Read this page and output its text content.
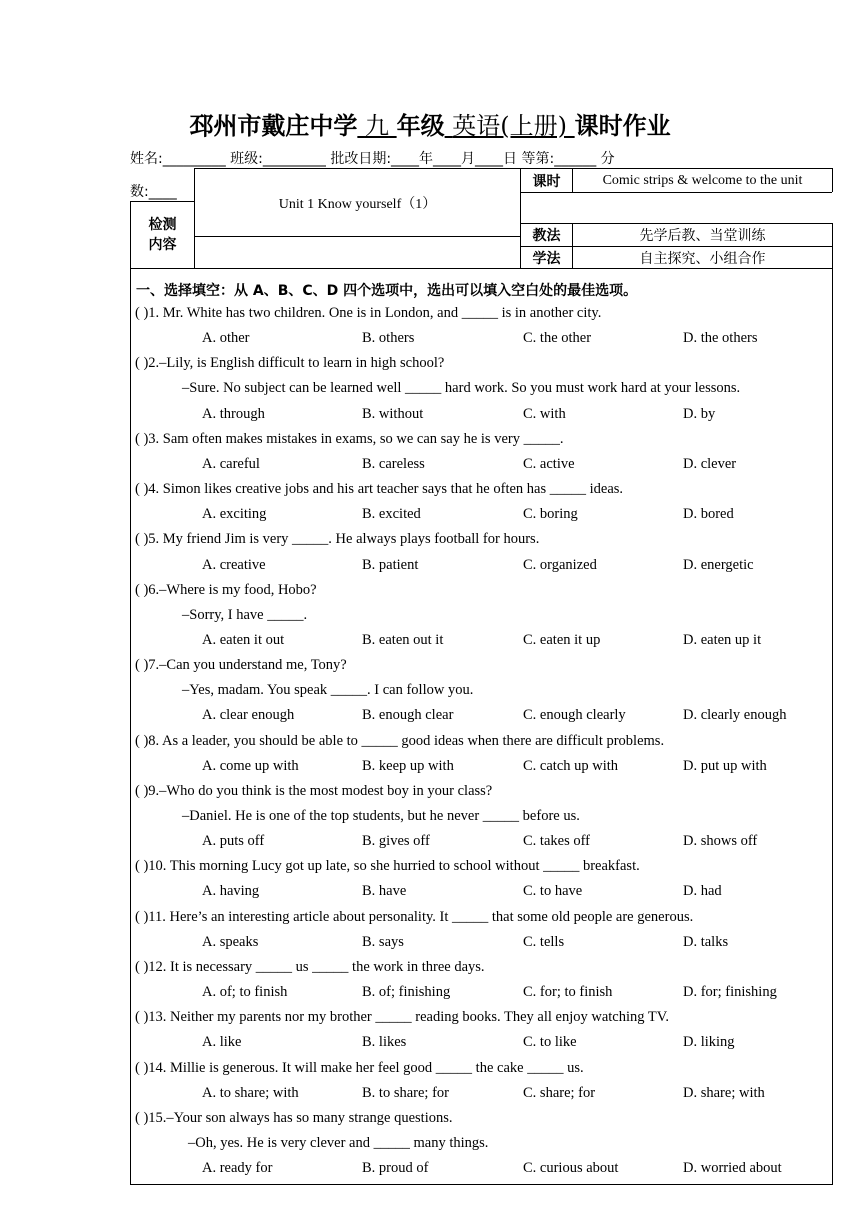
邳州市戴庄中学 九 年级 英语(上册) 课时作业
姓名:_________ 班级:_________ 批改日期:____年____月____日 等第:______ 分
数:____
检测内容
Unit 1 Know yourself（1）
课时	Comic strips & welcome to the unit
教法	先学后教、当堂训练
学法	自主探究、小组合作
一、选择填空：从 A、B、C、D 四个选项中，选出可以填入空白处的最佳选项。
( )1. Mr. White has two children. One is in London, and _____ is in another city.
A. other	B. others	C. the other	D. the others
( )2.–Lily, is English difficult to learn in high school?
–Sure. No subject can be learned well _____ hard work. So you must work hard at your lessons.
A. through	B. without	C. with	D. by
( )3. Sam often makes mistakes in exams, so we can say he is very _____.
A. careful	B. careless	C. active	D. clever
( )4. Simon likes creative jobs and his art teacher says that he often has _____ ideas.
A. exciting	B. excited	C. boring	D. bored
( )5. My friend Jim is very _____. He always plays football for hours.
A. creative	B. patient	C. organized	D. energetic
( )6.–Where is my food, Hobo?
–Sorry, I have _____.
A. eaten it out	B. eaten out it	C. eaten it up	D. eaten up it
( )7.–Can you understand me, Tony?
–Yes, madam. You speak _____. I can follow you.
A. clear enough	B. enough clear	C. enough clearly	D. clearly enough
( )8. As a leader, you should be able to _____ good ideas when there are difficult problems.
A. come up with	B. keep up with	C. catch up with	D. put up with
( )9.–Who do you think is the most modest boy in your class?
–Daniel. He is one of the top students, but he never _____ before us.
A. puts off	B. gives off	C. takes off	D. shows off
( )10. This morning Lucy got up late, so she hurried to school without _____ breakfast.
A. having	B. have	C. to have	D. had
( )11. Here’s an interesting article about personality. It _____ that some old people are generous.
A. speaks	B. says	C. tells	D. talks
( )12. It is necessary _____ us _____ the work in three days.
A. of; to finish	B. of; finishing	C. for; to finish	D. for; finishing
( )13. Neither my parents nor my brother _____ reading books. They all enjoy watching TV.
A. like	B. likes	C. to like	D. liking
( )14. Millie is generous. It will make her feel good _____ the cake _____ us.
A. to share; with	B. to share; for	C. share; for	D. share; with
( )15.–Your son always has so many strange questions.
–Oh, yes. He is very clever and _____ many things.
A. ready for	B. proud of	C. curious about	D. worried about
